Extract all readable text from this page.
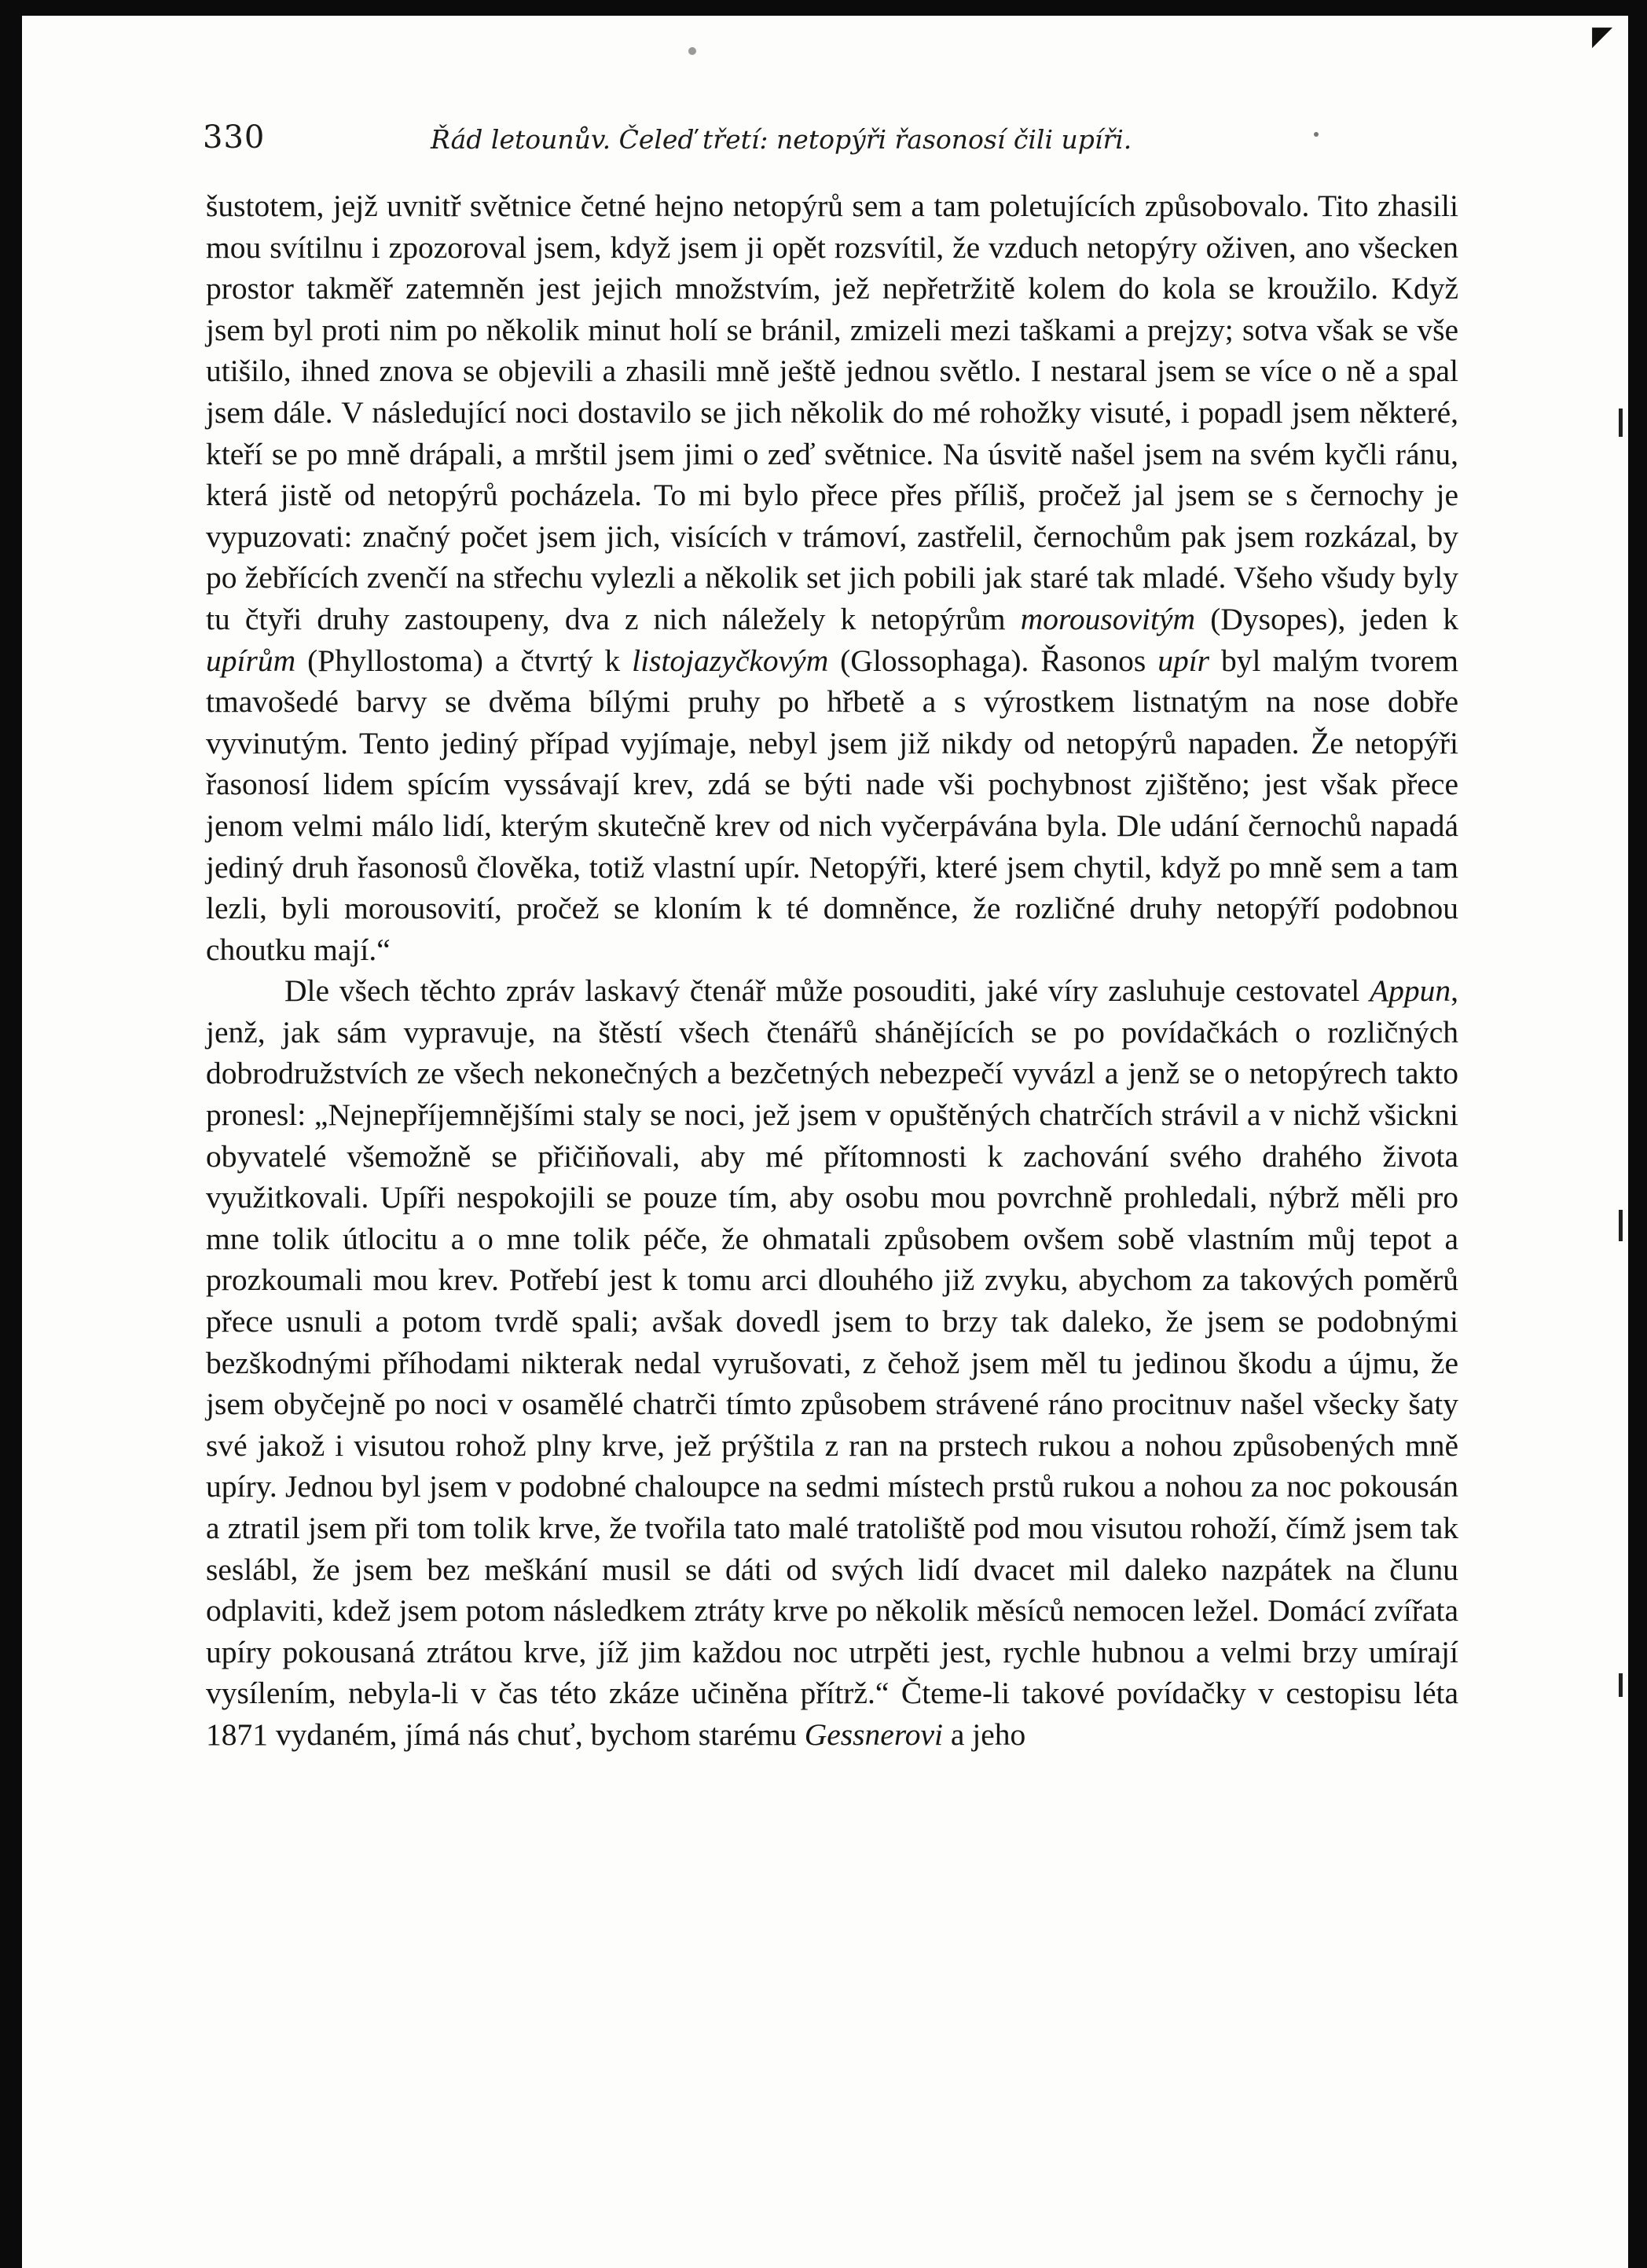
◤
330	Řád letounův. Čeleď třetí: netopýři řasonosí čili upíři.

šustotem, jejž uvnitř světnice četné hejno netopýrů sem a tam poletujících způsobovalo. Tito zhasili mou svítilnu i zpozoroval jsem, když jsem ji opět rozsvítil, že vzduch netopýry oživen, ano všecken prostor takměř zatemněn jest jejich množstvím, jež nepřetržitě kolem do kola se kroužilo. Když jsem byl proti nim po několik minut holí se bránil, zmizeli mezi taškami a prejzy; sotva však se vše utišilo, ihned znova se objevili a zhasili mně ještě jednou světlo. I nestaral jsem se více o ně a spal jsem dále. V následující noci dostavilo se jich několik do mé rohožky visuté, i popadl jsem některé, kteří se po mně drápali, a mrštil jsem jimi o zeď světnice. Na úsvitě našel jsem na svém kyčli ránu, která jistě od netopýrů pocházela. To mi bylo přece přes příliš, pročež jal jsem se s černochy je vypuzovati: značný počet jsem jich, visících v trámoví, zastřelil, černochům pak jsem rozkázal, by po žebřících zvenčí na střechu vylezli a několik set jich pobili jak staré tak mladé. Všeho všudy byly tu čtyři druhy zastoupeny, dva z nich náležely k netopýrům morousovitým (Dysopes), jeden k upírům (Phyllostoma) a čtvrtý k listojazyčkovým (Glossophaga). Řasonos upír byl malým tvorem tmavošedé barvy se dvěma bílými pruhy po hřbetě a s výrostkem listnatým na nose dobře vyvinutým. Tento jediný případ vyjímaje, nebyl jsem již nikdy od netopýrů napaden. Že netopýři řasonosí lidem spícím vyssávají krev, zdá se býti nade vši pochybnost zjištěno; jest však přece jenom velmi málo lidí, kterým skutečně krev od nich vyčerpávána byla. Dle udání černochů napadá jediný druh řasonosů člověka, totiž vlastní upír. Netopýři, které jsem chytil, když po mně sem a tam lezli, byli morousovití, pročež se kloním k té domněnce, že rozličné druhy netopýří podobnou choutku mají.“

Dle všech těchto zpráv laskavý čtenář může posouditi, jaké víry zasluhuje cestovatel Appun, jenž, jak sám vypravuje, na štěstí všech čtenářů shánějících se po povídačkách o rozličných dobrodružstvích ze všech nekonečných a bezčetných nebezpečí vyvázl a jenž se o netopýrech takto pronesl: „Nejnepříjemnějšími staly se noci, jež jsem v opuštěných chatrčích strávil a v nichž všickni obyvatelé všemožně se přičiňovali, aby mé přítomnosti k zachování svého drahého života využitkovali. Upíři nespokojili se pouze tím, aby osobu mou povrchně prohledali, nýbrž měli pro mne tolik útlocitu a o mne tolik péče, že ohmatali způsobem ovšem sobě vlastním můj tepot a prozkoumali mou krev. Potřebí jest k tomu arci dlouhého již zvyku, abychom za takových poměrů přece usnuli a potom tvrdě spali; avšak dovedl jsem to brzy tak daleko, že jsem se podobnými bezškodnými příhodami nikterak nedal vyrušovati, z čehož jsem měl tu jedinou škodu a újmu, že jsem obyčejně po noci v osamělé chatrči tímto způsobem strávené ráno procitnuv našel všecky šaty své jakož i visutou rohož plny krve, jež prýštila z ran na prstech rukou a nohou způsobených mně upíry. Jednou byl jsem v podobné chaloupce na sedmi místech prstů rukou a nohou za noc pokousán a ztratil jsem při tom tolik krve, že tvořila tato malé tratoliště pod mou visutou rohoží, čímž jsem tak seslábl, že jsem bez meškání musil se dáti od svých lidí dvacet mil daleko nazpátek na člunu odplaviti, kdež jsem potom následkem ztráty krve po několik měsíců nemocen ležel. Domácí zvířata upíry pokousaná ztrátou krve, jíž jim každou noc utrpěti jest, rychle hubnou a velmi brzy umírají vysílením, nebyla-li v čas této zkáze učiněna přítrž.“ Čteme-li takové povídačky v cestopisu léta 1871 vydaném, jímá nás chuť, bychom starému Gessnerovi a jeho
